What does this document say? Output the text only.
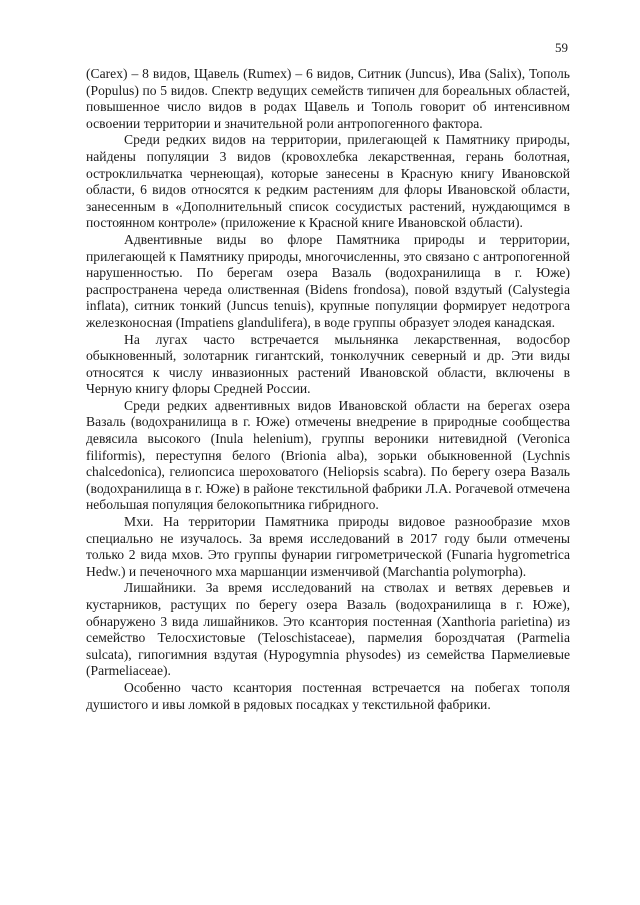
59

(Carex) – 8 видов, Щавель (Rumex) – 6 видов, Ситник (Juncus), Ива (Salix), Тополь (Populus) по 5 видов. Спектр ведущих семейств типичен для бореальных областей, повышенное число видов в родах Щавель и Тополь говорит об интенсивном освоении территории и значительной роли антропогенного фактора.

Среди редких видов на территории, прилегающей к Памятнику природы, найдены популяции 3 видов (кровохлебка лекарственная, герань болотная, остроклильчатка чернеющая), которые занесены в Красную книгу Ивановской области, 6 видов относятся к редким растениям для флоры Ивановской области, занесенным в «Дополнительный список сосудистых растений, нуждающимся в постоянном контроле» (приложение к Красной книге Ивановской области).

Адвентивные виды во флоре Памятника природы и территории, прилегающей к Памятнику природы, многочисленны, это связано с антропогенной нарушенностью. По берегам озера Вазаль (водохранилища в г. Юже) распространена череда олиственная (Bidens frondosa), повой вздутый (Calystegia inflata), ситник тонкий (Juncus tenuis), крупные популяции формирует недотрога железконосная (Impatiens glandulifera), в воде группы образует элодея канадская.

На лугах часто встречается мыльнянка лекарственная, водосбор обыкновенный, золотарник гигантский, тонколучник северный и др. Эти виды относятся к числу инвазионных растений Ивановской области, включены в Черную книгу флоры Средней России.

Среди редких адвентивных видов Ивановской области на берегах озера Вазаль (водохранилища в г. Юже) отмечены внедрение в природные сообщества девясила высокого (Inula helenium), группы вероники нитевидной (Veronica filiformis), переступня белого (Brionia alba), зорьки обыкновенной (Lychnis chalcedonica), гелиопсиса шероховатого (Heliopsis scabra). По берегу озера Вазаль (водохранилища в г. Юже) в районе текстильной фабрики Л.А. Рогачевой отмечена небольшая популяция белокопытника гибридного.

Мхи. На территории Памятника природы видовое разнообразие мхов специально не изучалось. За время исследований в 2017 году были отмечены только 2 вида мхов. Это группы фунарии гигрометрической (Funaria hygrometrica Hedw.) и печеночного мха маршанции изменчивой (Marchantia polymorpha).

Лишайники. За время исследований на стволах и ветвях деревьев и кустарников, растущих по берегу озера Вазаль (водохранилища в г. Юже), обнаружено 3 вида лишайников. Это ксантория постенная (Xanthoria parietina) из семейство Телосхистовые (Teloschistaceae), пармелия бороздчатая (Parmelia sulcata), гипогимния вздутая (Hypogymnia physodes) из семейства Пармелиевые (Parmeliaceae).

Особенно часто ксантория постенная встречается на побегах тополя душистого и ивы ломкой в рядовых посадках у текстильной фабрики.
